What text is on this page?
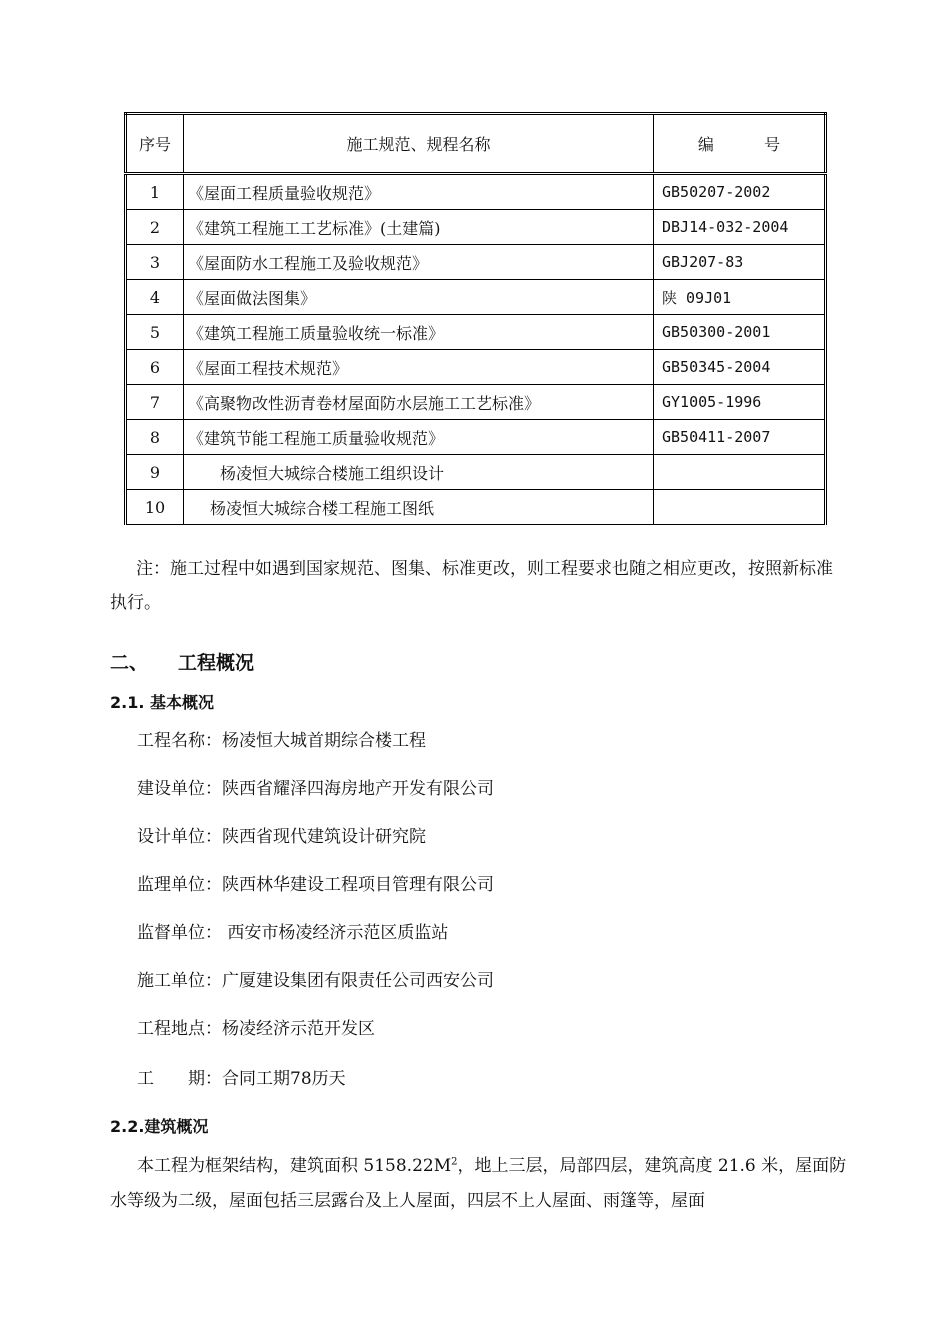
序号	施工规范、规程名称	编 号
1	《屋面工程质量验收规范》	GB50207-2002
2	《建筑工程施工工艺标准》(土建篇)	DBJ14-032-2004
3	《屋面防水工程施工及验收规范》	GBJ207-83
4	《屋面做法图集》	陕 09J01
5	《建筑工程施工质量验收统一标准》	GB50300-2001
6	《屋面工程技术规范》	GB50345-2004
7	《高聚物改性沥青卷材屋面防水层施工工艺标准》	GY1005-1996
8	《建筑节能工程施工质量验收规范》	GB50411-2007
9	杨凌恒大城综合楼施工组织设计	
10	杨凌恒大城综合楼工程施工图纸	
注：施工过程中如遇到国家规范、图集、标准更改，则工程要求也随之相应更改，按照新标准执行。
二、 工程概况
2.1. 基本概况
工程名称：杨凌恒大城首期综合楼工程
建设单位：陕西省耀泽四海房地产开发有限公司
设计单位：陕西省现代建筑设计研究院
监理单位：陕西林华建设工程项目管理有限公司
监督单位： 西安市杨凌经济示范区质监站
施工单位：广厦建设集团有限责任公司西安公司
工程地点：杨凌经济示范开发区
工　　期：合同工期78历天
2.2.建筑概况
本工程为框架结构，建筑面积 $5158.22M^2$，地上三层，局部四层，建筑高度 21.6 米，屋面防水等级为二级，屋面包括三层露台及上人屋面，四层不上人屋面、雨篷等，屋面
